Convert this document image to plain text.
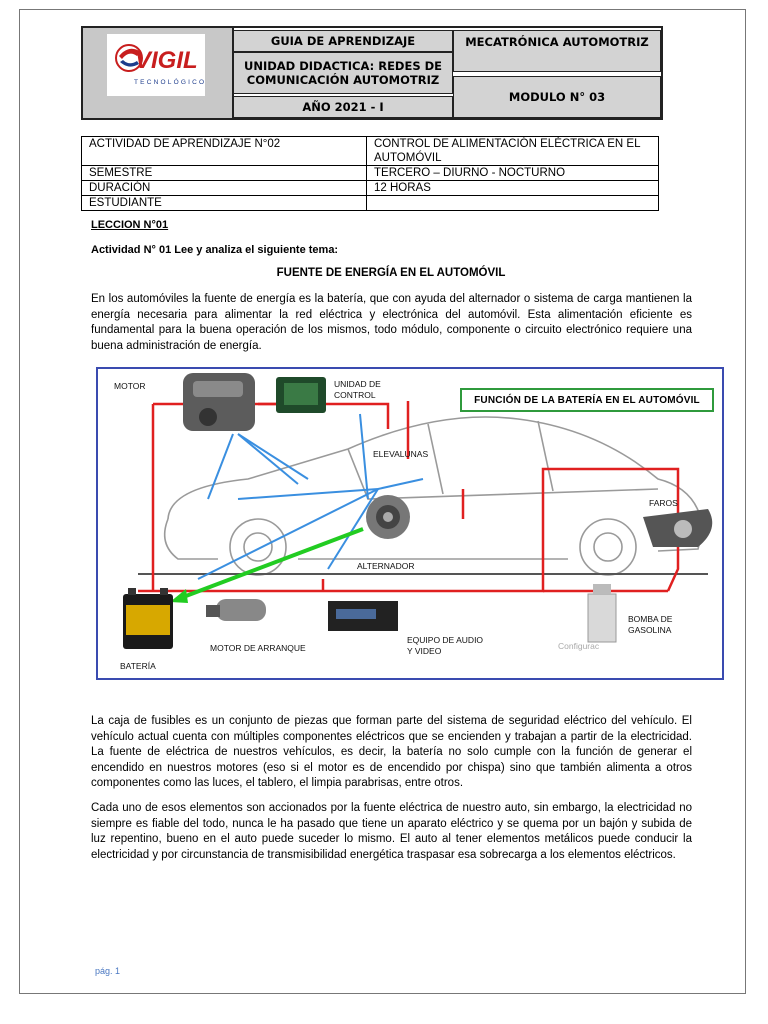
VIGIL
TECNOLÓGICO
GUIA DE APRENDIZAJE
UNIDAD DIDACTICA: REDES DE
COMUNICACIÓN AUTOMOTRIZ
AÑO 2021 - I
MECATRÓNICA AUTOMOTRIZ
MODULO N° 03
ACTIVIDAD DE APRENDIZAJE N°02	CONTROL DE ALIMENTACIÓN ELÉCTRICA EN EL AUTOMÓVIL
SEMESTRE	TERCERO – DIURNO - NOCTURNO
DURACIÓN	12 HORAS
ESTUDIANTE	
LECCION N°01
Actividad N° 01 Lee y analiza el siguiente tema:
FUENTE DE ENERGÍA EN EL AUTOMÓVIL
En los automóviles la fuente de energía es la batería, que con ayuda del alternador o sistema de carga mantienen la energía necesaria para alimentar la red eléctrica y electrónica del automóvil. Esta alimentación eficiente es fundamental para la buena operación de los mismos, todo módulo, componente o circuito electrónico requiere una buena administración de energía.
MOTOR	UNIDAD DE
CONTROL	FUNCIÓN DE LA BATERÍA EN EL AUTOMÓVIL
ELEVALUNAS
FAROS
ALTERNADOR
BATERÍA
MOTOR DE ARRANQUE
EQUIPO DE AUDIO
Y VIDEO
BOMBA DE
GASOLINA
Configurac
La caja de fusibles es un conjunto de piezas que forman parte del sistema de seguridad eléctrico del vehículo. El vehículo actual cuenta con múltiples componentes eléctricos que se encienden y trabajan a partir de la electricidad. La fuente de eléctrica de nuestros vehículos, es decir, la batería no solo cumple con la función de generar el encendido en nuestros motores (eso si el motor es de encendido por chispa) sino que también alimenta a otros componentes como las luces, el tablero, el limpia parabrisas, entre otros.
Cada uno de esos elementos son accionados por la fuente eléctrica de nuestro auto, sin embargo, la electricidad no siempre es fiable del todo, nunca le ha pasado que tiene un aparato eléctrico y se quema por un bajón y subida de luz repentino, bueno en el auto puede suceder lo mismo. El auto al tener elementos metálicos puede conducir la electricidad y por circunstancia de transmisibilidad energética traspasar esa sobrecarga a los elementos eléctricos.
pág. 1
